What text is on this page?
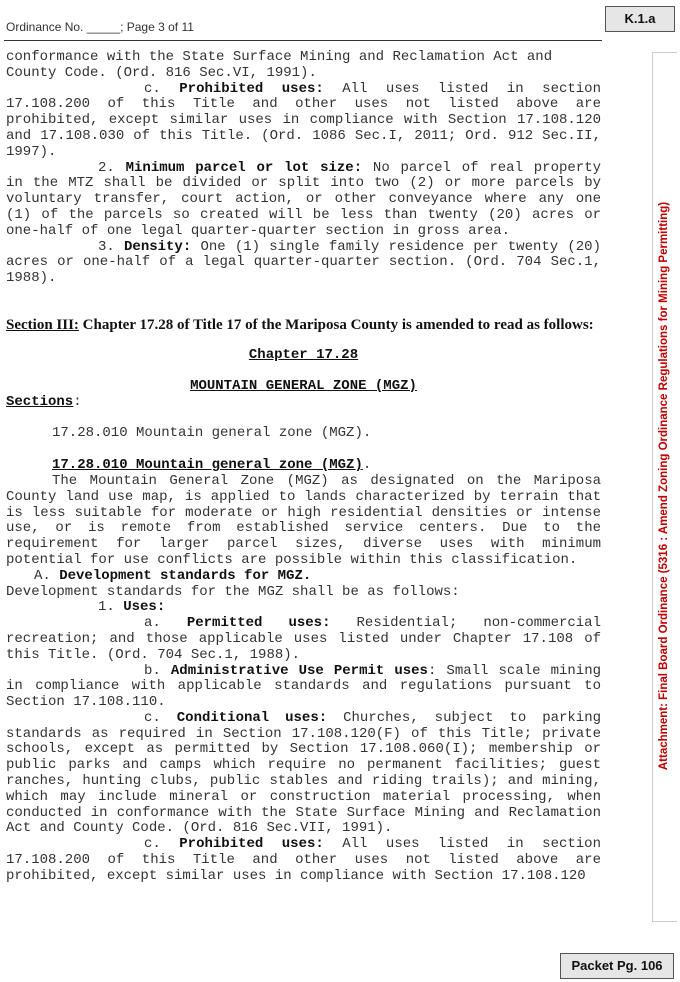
Ordinance No. _____; Page 3 of 11
K.1.a
Attachment: Final Board Ordinance (5316 : Amend Zoning Ordinance Regulations for Mining Permitting)

conformance with the State Surface Mining and Reclamation Act and County Code. (Ord. 816 Sec.VI, 1991).

c. Prohibited uses: All uses listed in section 17.108.200 of this Title and other uses not listed above are prohibited, except similar uses in compliance with Section 17.108.120 and 17.108.030 of this Title. (Ord. 1086 Sec.I, 2011; Ord. 912 Sec.II, 1997).

2. Minimum parcel or lot size: No parcel of real property in the MTZ shall be divided or split into two (2) or more parcels by voluntary transfer, court action, or other conveyance where any one (1) of the parcels so created will be less than twenty (20) acres or one-half of one legal quarter-quarter section in gross area.

3. Density: One (1) single family residence per twenty (20) acres or one-half of a legal quarter-quarter section. (Ord. 704 Sec.1, 1988).

Section III: Chapter 17.28 of Title 17 of the Mariposa County is amended to read as follows:

Chapter 17.28

MOUNTAIN GENERAL ZONE (MGZ)

Sections:

17.28.010 Mountain general zone (MGZ).

17.28.010 Mountain general zone (MGZ).

The Mountain General Zone (MGZ) as designated on the Mariposa County land use map, is applied to lands characterized by terrain that is less suitable for moderate or high residential densities or intense use, or is remote from established service centers. Due to the requirement for larger parcel sizes, diverse uses with minimum potential for use conflicts are possible within this classification.

A. Development standards for MGZ.

Development standards for the MGZ shall be as follows:

1. Uses:

a. Permitted uses: Residential; non-commercial recreation; and those applicable uses listed under Chapter 17.108 of this Title. (Ord. 704 Sec.1, 1988).

b. Administrative Use Permit uses: Small scale mining in compliance with applicable standards and regulations pursuant to Section 17.108.110.

c. Conditional uses: Churches, subject to parking standards as required in Section 17.108.120(F) of this Title; private schools, except as permitted by Section 17.108.060(I); membership or public parks and camps which require no permanent facilities; guest ranches, hunting clubs, public stables and riding trails); and mining, which may include mineral or construction material processing, when conducted in conformance with the State Surface Mining and Reclamation Act and County Code. (Ord. 816 Sec.VII, 1991).

c. Prohibited uses: All uses listed in section 17.108.200 of this Title and other uses not listed above are prohibited, except similar uses in compliance with Section 17.108.120

Packet Pg. 106
